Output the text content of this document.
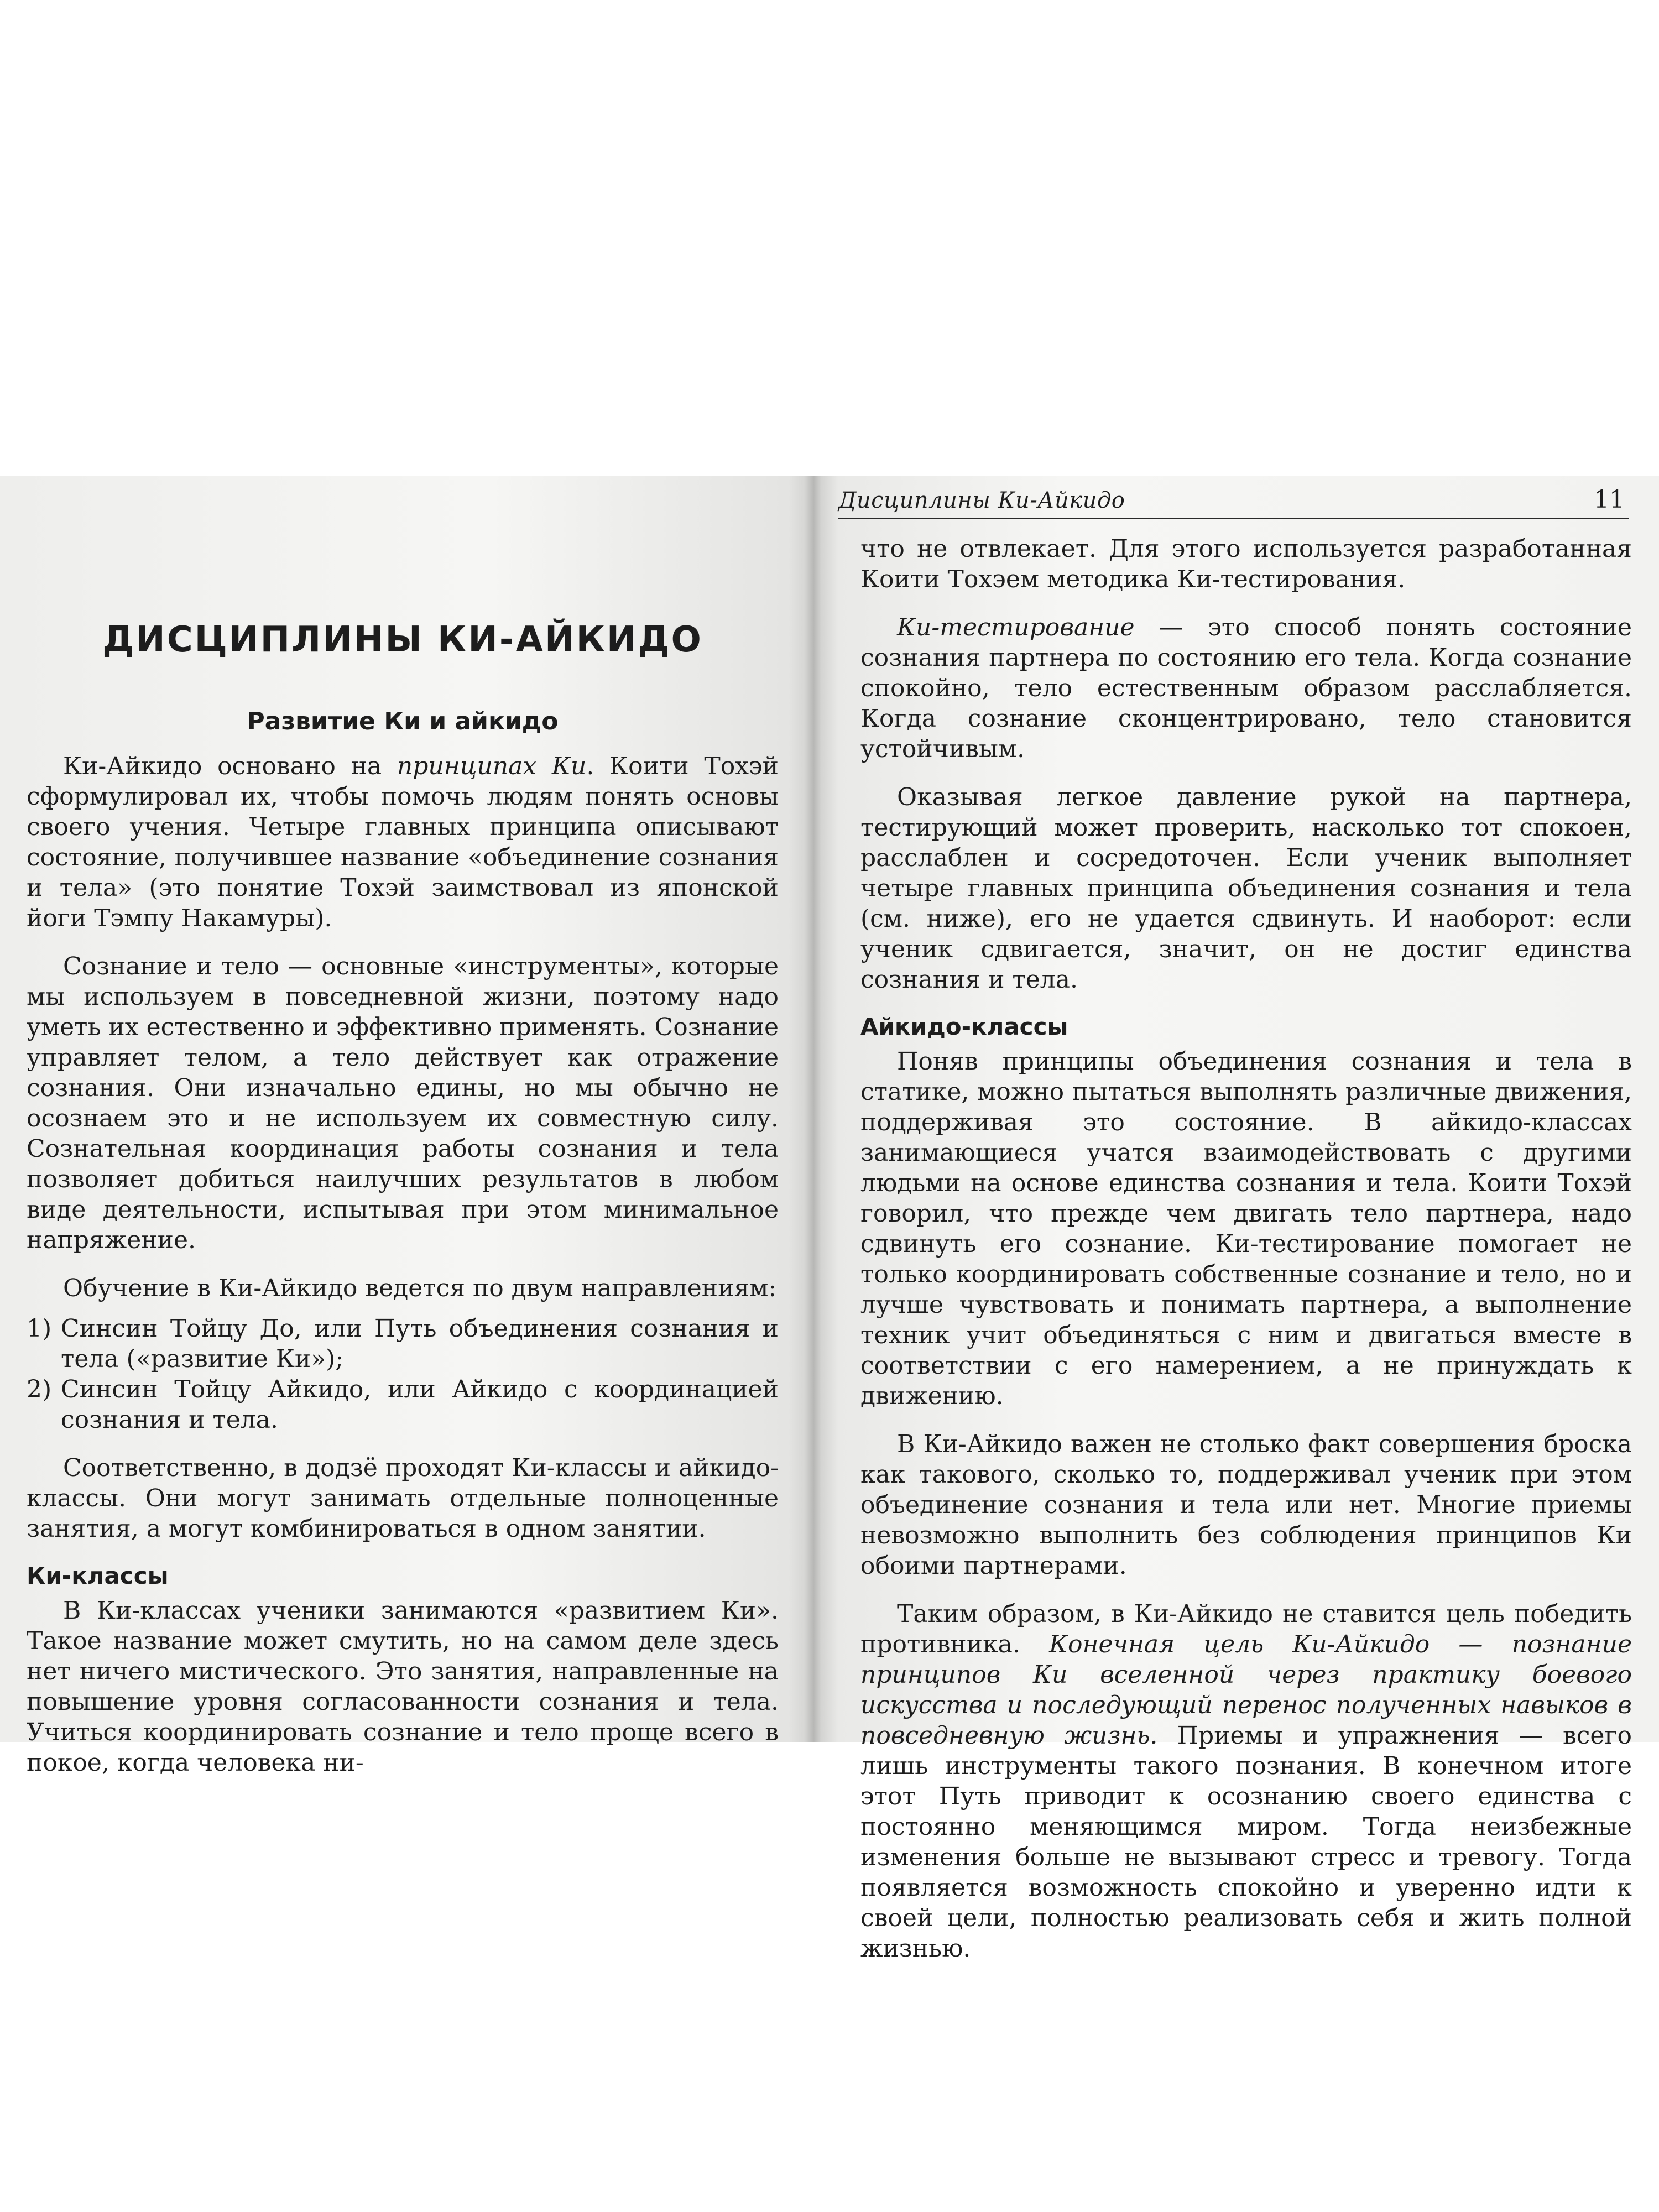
ДИСЦИПЛИНЫ КИ-АЙКИДО
Развитие Ки и айкидо

Ки-Айкидо основано на принципах Ки. Коити Тохэй сформулировал их, чтобы помочь людям понять основы своего учения. Четыре главных принципа описывают состояние, получившее название «объединение сознания и тела» (это понятие Тохэй заимствовал из японской йоги Тэмпу Накамуры).

Сознание и тело — основные «инструменты», которые мы используем в повседневной жизни, поэтому надо уметь их естественно и эффективно применять. Сознание управляет телом, а тело действует как отражение сознания. Они изначально едины, но мы обычно не осознаем это и не используем их совместную силу. Сознательная координация работы сознания и тела позволяет добиться наилучших результатов в любом виде деятельности, испытывая при этом минимальное напряжение.

Обучение в Ки-Айкидо ведется по двум направлениям:

1) Синсин Тойцу До, или Путь объединения сознания и тела («развитие Ки»);
2) Синсин Тойцу Айкидо, или Айкидо с координацией сознания и тела.

Соответственно, в додзё проходят Ки-классы и айкидо-классы. Они могут занимать отдельные полноценные занятия, а могут комбинироваться в одном занятии.

Ки-классы

В Ки-классах ученики занимаются «развитием Ки». Такое название может смутить, но на самом деле здесь нет ничего мистического. Это занятия, направленные на повышение уровня согласованности сознания и тела. Учиться координировать сознание и тело проще всего в покое, когда человека ни-

Дисциплины Ки-Айкидо	11

что не отвлекает. Для этого используется разработанная Коити Тохэем методика Ки-тестирования.

Ки-тестирование — это способ понять состояние сознания партнера по состоянию его тела. Когда сознание спокойно, тело естественным образом расслабляется. Когда сознание сконцентрировано, тело становится устойчивым.

Оказывая легкое давление рукой на партнера, тестирующий может проверить, насколько тот спокоен, расслаблен и сосредоточен. Если ученик выполняет четыре главных принципа объединения сознания и тела (см. ниже), его не удается сдвинуть. И наоборот: если ученик сдвигается, значит, он не достиг единства сознания и тела.

Айкидо-классы

Поняв принципы объединения сознания и тела в статике, можно пытаться выполнять различные движения, поддерживая это состояние. В айкидо-классах занимающиеся учатся взаимодействовать с другими людьми на основе единства сознания и тела. Коити Тохэй говорил, что прежде чем двигать тело партнера, надо сдвинуть его сознание. Ки-тестирование помогает не только координировать собственные сознание и тело, но и лучше чувствовать и понимать партнера, а выполнение техник учит объединяться с ним и двигаться вместе в соответствии с его намерением, а не принуждать к движению.

В Ки-Айкидо важен не столько факт совершения броска как такового, сколько то, поддерживал ученик при этом объединение сознания и тела или нет. Многие приемы невозможно выполнить без соблюдения принципов Ки обоими партнерами.

Таким образом, в Ки-Айкидо не ставится цель победить противника. Конечная цель Ки-Айкидо — познание принципов Ки вселенной через практику боевого искусства и последующий перенос полученных навыков в повседневную жизнь. Приемы и упражнения — всего лишь инструменты такого познания. В конечном итоге этот Путь приводит к осознанию своего единства с постоянно меняющимся миром. Тогда неизбежные изменения больше не вызывают стресс и тревогу. Тогда появляется возможность спокойно и уверенно идти к своей цели, полностью реализовать себя и жить полной жизнью.
